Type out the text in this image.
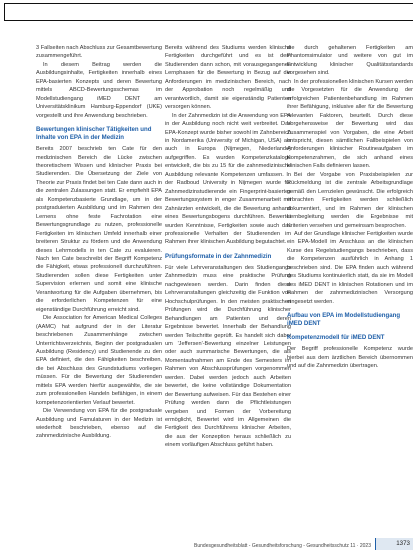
3 Fallseiten nach Abschluss zur Gesamtbewertung zusammengeführt.

In diesem Beitrag werden die Ausbildungsinhalte, Fertigkeiten innerhalb eines EPA-basierten Konzepts und deren Bewertung mittels ABCD-Bewertungsschemas im Modellstudiengang iMED DENT am Universitätsklinikum Hamburg-Eppendorf (UKE) vorgestellt und ihre Anwendung beschrieben.

Bewertungen klinischer Tätigkeiten und Inhalte von EPA in der Medizin

Bereits 2007 beschrieb ten Cate für den medizinischen Bereich die Lücke zwischen theoretischem Wissen und klinischer Praxis bei Studierenden. Die Übersetzung der Ziele von Theorie zur Praxis findet bei ten Cate dann auch in die zentralen Zulassungen statt. Er empfiehlt EPA als Kompetenzbasierte Grundlage, um in der postgraduierten Ausbildung und im Rahmen des Lernens ohne feste Fachrotation eine Bewertungsgrundlage zu nutzen, professionelle Fertigkeiten im klinischen Umfeld innerhalb einer breiteren Struktur zu fördern und die Anwendung dieses Lehrmodells in ten Cate zu evaluieren. Nach ten Cate beschreibt der Begriff Kompetenz die Fähigkeit, etwas professionell durchzuführen. Studierenden sollen diese Fertigkeiten unter Supervision erlernen und somit eine klinische Verantwortung für die Aufgaben übernehmen, bis die erforderlichen Kompetenzen für eine eigenständige Durchführung erreicht sind.

Die Association for American Medical Colleges (AAMC) hat aufgrund der in der Literatur beschriebenen Zusammenhänge zwischen Unterrichtsverzeichnis, Beginn der postgradualen Ausbildung (Residency) und Studienende zu den EPA definiert, die den Fähigkeiten beschreiben, die bei Abschluss des Grundstudiums vorliegen müssen. Für die Bewertung der Studierenden mittels EPA werden hierfür ausgewählte, die sie zum professionellen Handeln befähigen, in einem kompetenzorientierten Verlauf bewertet.

Die Verwendung von EPA für die postgraduale Ausbildung und Famulaturen in der Medizin ist wiederholt beschrieben, ebenso auf die zahnmedizinische Ausbildung.

Bereits während des Studiums werden klinische Fertigkeiten durchgeführt und es ist dem Studierenden dann schon, mit vorausgegangenen Lernphasen für die Bewertung in Bezug auf die Anforderungen im medizinischen Bereich, nach der Approbation noch regelmäßig und verantwortlich, damit sie eigenständig Patienten versorgen können.

In der Zahnmedizin ist die Anwendung von EPA in der Ausbildung noch nicht weit verbreitet. Das EPA-Konzept wurde bisher sowohl im Zahnbereich in Nordamerika (University of Michigan, USA) als auch in Europa (Nijmegen, Niederlande) aufgegriffen. Es wurden Kompetenzkataloge entwickelt, die bis zu 15 für die zahnmedizinische Ausbildung relevante Kompetenzen umfassen. In der Radboud University in Nijmegen wurde für Zahnmedizinstudierende ein Fingerprint-basiertes Bewertungssystem in enger Zusammenarbeit mit Zahnärzten entwickelt, die die Bewertung anhand eines Bewertungsbogens durchführen. Bewertet wurden Kenntnisse, Fertigkeiten sowie auch das professionelle Verhalten der Studierenden im Rahmen ihrer klinischen Ausbildung begutachtet.

Prüfungsformate in der Zahnmedizin

Für viele Lehrveranstaltungen des Studiengangs Zahnmedizin muss eine praktische Prüfung nachgewiesen werden. Darin finden diese Lehrveranstaltungen gleichzeitig die Funktion von Hochschulprüfungen. In den meisten praktischen Prüfungen wird die Durchführung klinischer Behandlungen am Patienten und deren Ergebnisse bewertet. Innerhalb der Behandlung werden Teilschritte geprüft. Es handelt sich dabei um 'Jeffersen'-Bewertung einzelner Leistungen oder auch summarische Bewertungen, die als Momentaufnahmen am Ende des Semesters im Rahmen von Abschlussprüfungen vorgenommen werden. Dabei werden jedoch auch Arbeiten bewertet, die keine vollständige Dokumentation der Bewertung aufweisen. Für das Bestehen einer Prüfung werden dann die Pflichtleistungen vergeben und Formen der Vorbereitung ermöglicht, Bewertet wird im Allgemeinen die Fertigkeit des Durchführens klinischer Arbeiten, die aus der Konzeption heraus schließlich zu einem vorläufigen Abschluss geführt haben.

die durch gehaltenen Fertigkeiten am Phantomsimulator und weitere von gut im Entwicklung klinischer Qualitätsstandards vorgesehen sind.

In der professionellen klinischen Kursen werden die Vorgesetzten für die Anwendung der erfolgreichen Patientenbehandlung im Rahmen ihrer Befähigung, inklusive aller für die Bewertung relevanten Faktoren, beurteilt. Durch diese Vorgehensweise der Bewertung wird das Zusammenspiel von Vorgaben, die eine Arbeit entspricht, diesen sämtlichen Fallbeispielen von Anforderungen klinischer Routineaufgaben im Kompetenzrahmen, die sich anhand eines klinischen Falls definieren lassen.

Bei der Vorgabe von Praxisbeispielen zur Rückmeldung ist die zentrale Arbeitsgrundlage gemäß den Lernzielen gewünscht. Die erfolgreich erbrachten Fertigkeiten werden schließlich dokumentiert, und im Rahmen der klinischen Lernbegleitung werden die Ergebnisse mit Kriterien versehen und gemeinsam besprochen.

Auf der Grundlage klinischer Fertigkeiten wurde ein EPA-Modell im Anschluss an die klinischen Kurse des Regelstudiengangs beschrieben, dass die Kompetenzen ausführlich in Anhang 1 beschrieben sind. Die EPA finden auch während des Studiums kontinuierlich statt, da sie im Modell des iMED DENT in klinischen Rotationen und im Rahmen der zahnmedizinischen Versorgung eingesetzt werden.

Aufbau von EPA im Modellstudiengang iMED DENT
Kompetenzmodell für iMED DENT

Der Begriff professionelle Kompetenz wurde hierbei aus dem ärztlichen Bereich übernommen und auf die Zahnmedizin übertragen.

Bundesgesundheitsblatt - Gesundheitsforschung - Gesundheitsschutz 11 · 2023	1373
